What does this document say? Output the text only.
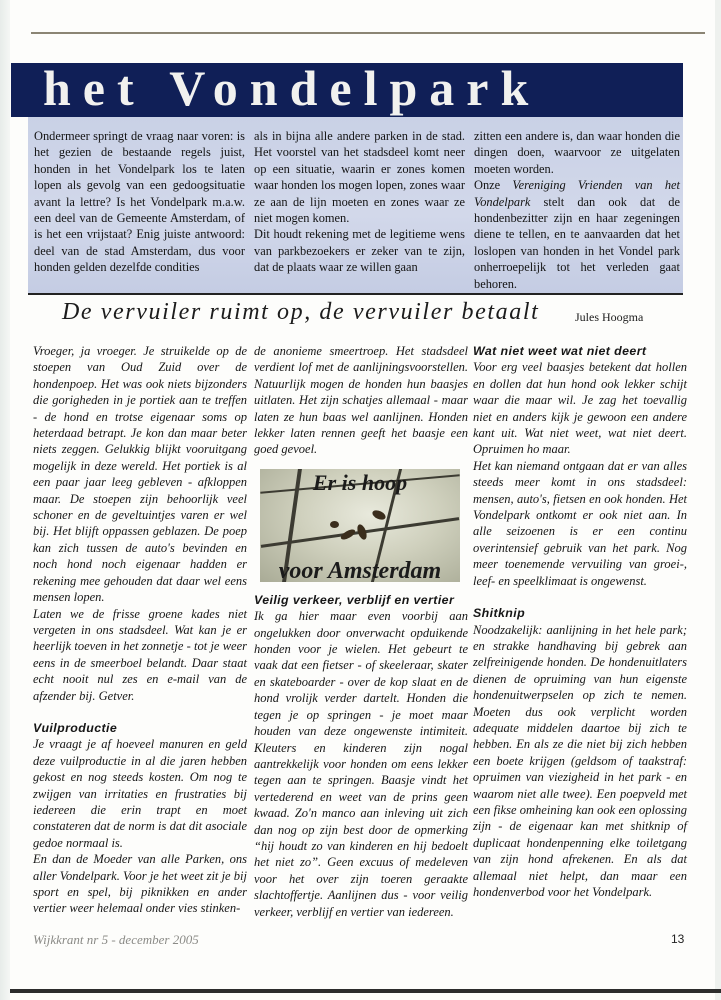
het Vondelpark

Ondermeer springt de vraag naar voren: is het gezien de bestaande regels juist, honden in het Vondelpark los te laten lopen als gevolg van een gedoogsituatie avant la lettre? Is het Vondelpark m.a.w. een deel van de Gemeente Amsterdam, of is het een vrijstaat? Enig juiste antwoord: deel van de stad Amsterdam, dus voor honden gelden dezelfde condities

als in bijna alle andere parken in de stad. Het voorstel van het stadsdeel komt neer op een situatie, waarin er zones komen waar honden los mogen lopen, zones waar ze aan de lijn moeten en zones waar ze niet mogen komen.

Dit houdt rekening met de legitieme wens van parkbezoekers er zeker van te zijn, dat de plaats waar ze willen gaan

zitten een andere is, dan waar honden die dingen doen, waarvoor ze uitgelaten moeten worden.

Onze Vereniging Vrienden van het Vondelpark stelt dan ook dat de hondenbezitter zijn en haar zegeningen diene te tellen, en te aanvaarden dat het loslopen van honden in het Vondel park onherroepelijk tot het verleden gaat behoren.

De vervuiler ruimt op, de vervuiler betaalt	Jules Hoogma

Vroeger, ja vroeger. Je struikelde op de stoepen van Oud Zuid over de hondenpoep. Het was ook niets bijzonders die gorigheden in je portiek aan te treffen - de hond en trotse eigenaar soms op heterdaad betrapt. Je kon dan maar beter niets zeggen. Gelukkig blijkt vooruitgang mogelijk in deze wereld. Het portiek is al een paar jaar leeg gebleven - afkloppen maar. De stoepen zijn behoorlijk veel schoner en de geveltuintjes varen er wel bij. Het blijft oppassen geblazen. De poep kan zich tussen de auto's bevinden en noch hond noch eigenaar hadden er rekening mee gehouden dat daar wel eens mensen lopen.

Laten we de frisse groene kades niet vergeten in ons stadsdeel. Wat kan je er heerlijk toeven in het zonnetje - tot je weer eens in de smeerboel belandt. Daar staat echt nooit nul zes en e-mail van de afzender bij. Getver.

Vuilproductie

Je vraagt je af hoeveel manuren en geld deze vuilproductie in al die jaren hebben gekost en nog steeds kosten. Om nog te zwijgen van irritaties en frustraties bij iedereen die erin trapt en moet constateren dat de norm is dat dit asociale gedoe normaal is.

En dan de Moeder van alle Parken, ons aller Vondelpark. Voor je het weet zit je bij sport en spel, bij piknikken en ander vertier weer helemaal onder vies stinken-

de anonieme smeertroep. Het stadsdeel verdient lof met de aanlijningsvoorstellen. Natuurlijk mogen de honden hun baasjes uitlaten. Het zijn schatjes allemaal - maar laten ze hun baas wel aanlijnen. Honden lekker laten rennen geeft het baasje een goed gevoel.

Er is hoop
voor Amsterdam
Veilig verkeer, verblijf en vertier

Ik ga hier maar even voorbij aan ongelukken door onverwacht opduikende honden voor je wielen. Het gebeurt te vaak dat een fietser - of skeeleraar, skater en skateboarder - over de kop slaat en de hond vrolijk verder dartelt. Honden die tegen je op springen - je moet maar houden van deze ongewenste intimiteit. Kleuters en kinderen zijn nogal aantrekkelijk voor honden om eens lekker tegen aan te springen. Baasje vindt het vertederend en weet van de prins geen kwaad. Zo'n manco aan inleving uit zich dan nog op zijn best door de opmerking “hij houdt zo van kinderen en hij bedoelt het niet zo”. Geen excuus of medeleven voor het over zijn toeren geraakte slachtoffertje. Aanlijnen dus - voor veilig verkeer, verblijf en vertier van iedereen.

Wat niet weet wat niet deert

Voor erg veel baasjes betekent dat hollen en dollen dat hun hond ook lekker schijt waar die maar wil. Je zag het toevallig niet en anders kijk je gewoon een andere kant uit. Wat niet weet, wat niet deert. Opruimen ho maar.

Het kan niemand ontgaan dat er van alles steeds meer komt in ons stadsdeel: mensen, auto's, fietsen en ook honden. Het Vondelpark ontkomt er ook niet aan. In alle seizoenen is er een continu overintensief gebruik van het park. Nog meer toenemende vervuiling van groei-, leef- en speelklimaat is ongewenst.

Shitknip

Noodzakelijk: aanlijning in het hele park; en strakke handhaving bij gebrek aan zelfreinigende honden. De hondenuitlaters dienen de opruiming van hun eigenste hondenuitwerpselen op zich te nemen. Moeten dus ook verplicht worden adequate middelen daartoe bij zich te hebben. En als ze die niet bij zich hebben een boete krijgen (geldsom of taakstraf: opruimen van viezigheid in het park - en waarom niet alle twee). Een poepveld met een fikse omheining kan ook een oplossing zijn - de eigenaar kan met shitknip of duplicaat hondenpenning elke toiletgang van zijn hond afrekenen. En als dat allemaal niet helpt, dan maar een hondenverbod voor het Vondelpark.

Wijkkrant nr 5 - december 2005	13
